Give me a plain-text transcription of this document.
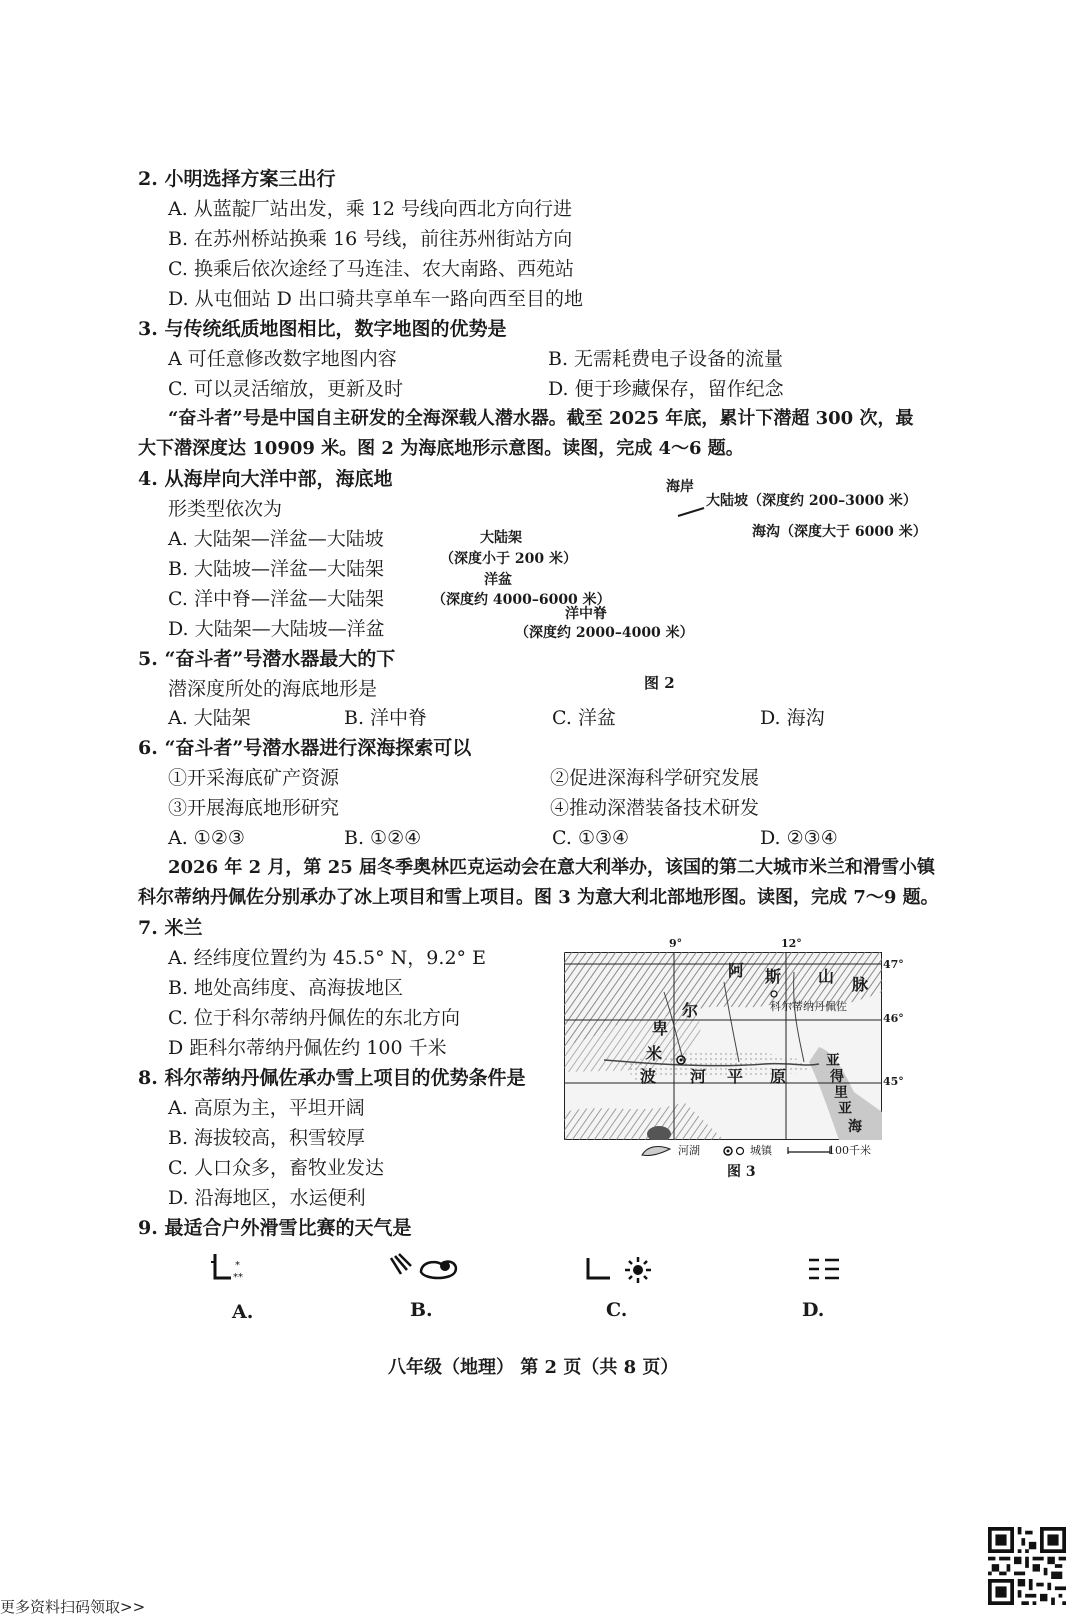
2. 小明选择方案三出行
A. 从蓝靛厂站出发，乘 12 号线向西北方向行进
B. 在苏州桥站换乘 16 号线，前往苏州街站方向
C. 换乘后依次途经了马连洼、农大南路、西苑站
D. 从屯佃站 D 出口骑共享单车一路向西至目的地
3. 与传统纸质地图相比，数字地图的优势是
A 可任意修改数字地图内容	B. 无需耗费电子设备的流量
C. 可以灵活缩放，更新及时	D. 便于珍藏保存，留作纪念
“奋斗者”号是中国自主研发的全海深载人潜水器。截至 2025 年底，累计下潜超 300 次，最
大下潜深度达 10909 米。图 2 为海底地形示意图。读图，完成 4～6 题。
4. 从海岸向大洋中部，海底地
形类型依次为
A. 大陆架—洋盆—大陆坡
B. 大陆坡—洋盆—大陆架
C. 洋中脊—洋盆—大陆架
D. 大陆架—大陆坡—洋盆
海岸
大陆坡（深度约 200–3000 米）
海沟（深度大于 6000 米）
大陆架
（深度小于 200 米）
洋盆
（深度约 4000–6000 米）
洋中脊
（深度约 2000–4000 米）
图 2
5. “奋斗者”号潜水器最大的下
潜深度所处的海底地形是
A. 大陆架	B. 洋中脊	C. 洋盆	D. 海沟
6. “奋斗者”号潜水器进行深海探索可以
①开采海底矿产资源	②促进深海科学研究发展
③开展海底地形研究	④推动深潜装备技术研发
A. ①②③	B. ①②④	C. ①③④	D. ②③④
2026 年 2 月，第 25 届冬季奥林匹克运动会在意大利举办，该国的第二大城市米兰和滑雪小镇
科尔蒂纳丹佩佐分别承办了冰上项目和雪上项目。图 3 为意大利北部地形图。读图，完成 7～9 题。
7. 米兰
A. 经纬度位置约为 45.5° N，9.2° E
B. 地处高纬度、高海拔地区
C. 位于科尔蒂纳丹佩佐的东北方向
D 距科尔蒂纳丹佩佐约 100 千米
9°	12°
47°
46°
45°
阿
尔
卑
斯 山 脉
米
波 河 平 原
亚
得
里
亚
海
科尔蒂纳丹佩佐
河湖	城镇	100千米
图 3
8. 科尔蒂纳丹佩佐承办雪上项目的优势条件是
A. 高原为主，平坦开阔
B. 海拔较高，积雪较厚
C. 人口众多，畜牧业发达
D. 沿海地区，水运便利
9. 最适合户外滑雪比赛的天气是
*
**
A.	B.	C.	D.
八年级（地理） 第 2 页（共 8 页）
更多资料扫码领取>>
